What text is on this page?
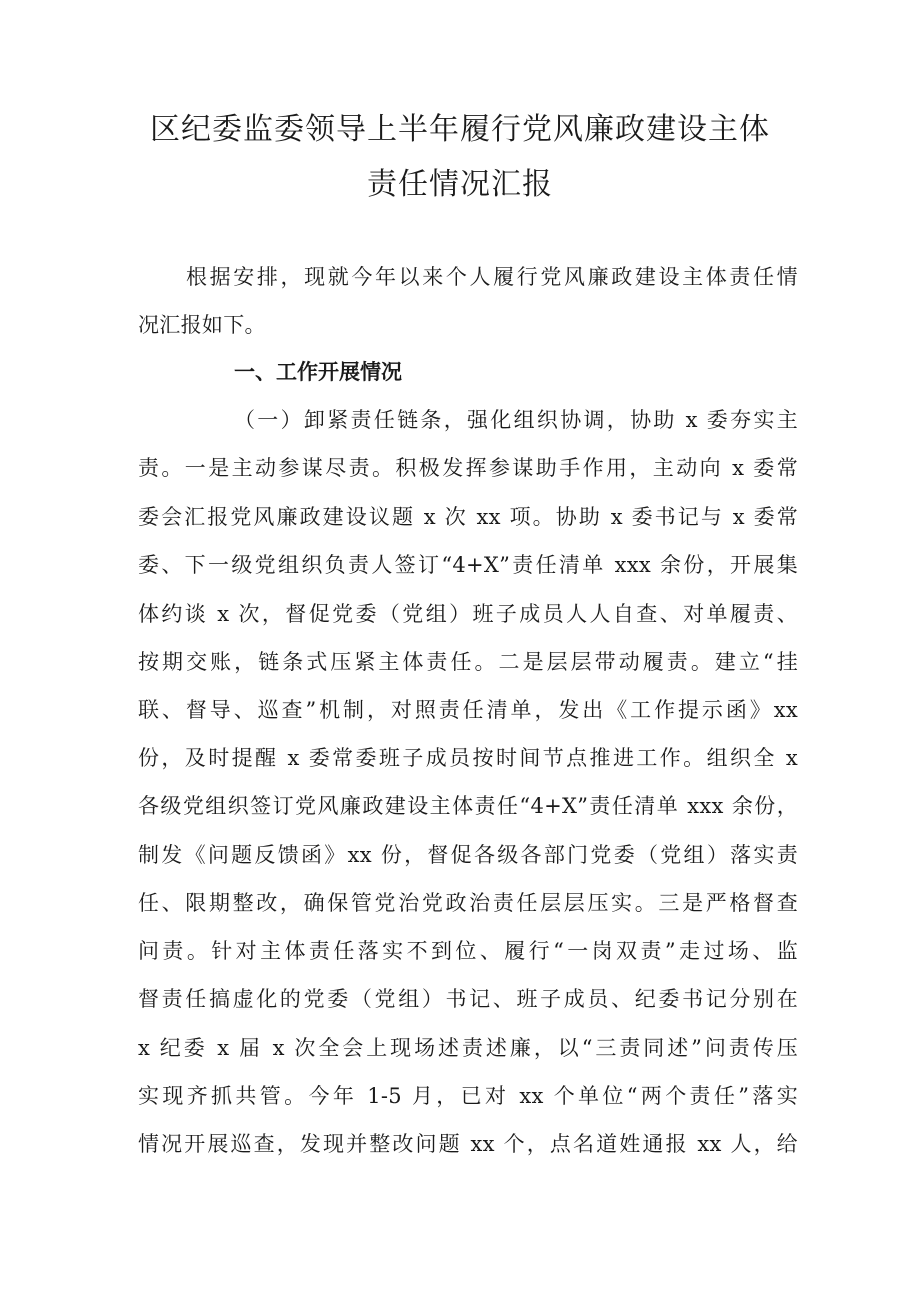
区纪委监委领导上半年履行党风廉政建设主体
责任情况汇报
根据安排，现就今年以来个人履行党风廉政建设主体责任情
况汇报如下。
一、工作开展情况
（一）卸紧责任链条，强化组织协调，协助 x 委夯实主
责。一是主动参谋尽责。积极发挥参谋助手作用，主动向 x 委常
委会汇报党风廉政建设议题 x 次 xx 项。协助 x 委书记与 x 委常
委、下一级党组织负责人签订“4+X”责任清单 xxx 余份，开展集
体约谈 x 次，督促党委（党组）班子成员人人自查、对单履责、
按期交账，链条式压紧主体责任。二是层层带动履责。建立“挂
联、督导、巡查”机制，对照责任清单，发出《工作提示函》xx
份，及时提醒 x 委常委班子成员按时间节点推进工作。组织全 x
各级党组织签订党风廉政建设主体责任“4+X”责任清单 xxx 余份，
制发《问题反馈函》xx 份，督促各级各部门党委（党组）落实责
任、限期整改，确保管党治党政治责任层层压实。三是严格督查
问责。针对主体责任落实不到位、履行“一岗双责”走过场、监
督责任搞虚化的党委（党组）书记、班子成员、纪委书记分别在
x 纪委 x 届 x 次全会上现场述责述廉，以“三责同述”问责传压
实现齐抓共管。今年 1-5 月，已对 xx 个单位“两个责任”落实
情况开展巡查，发现并整改问题 xx 个，点名道姓通报 xx 人，给
